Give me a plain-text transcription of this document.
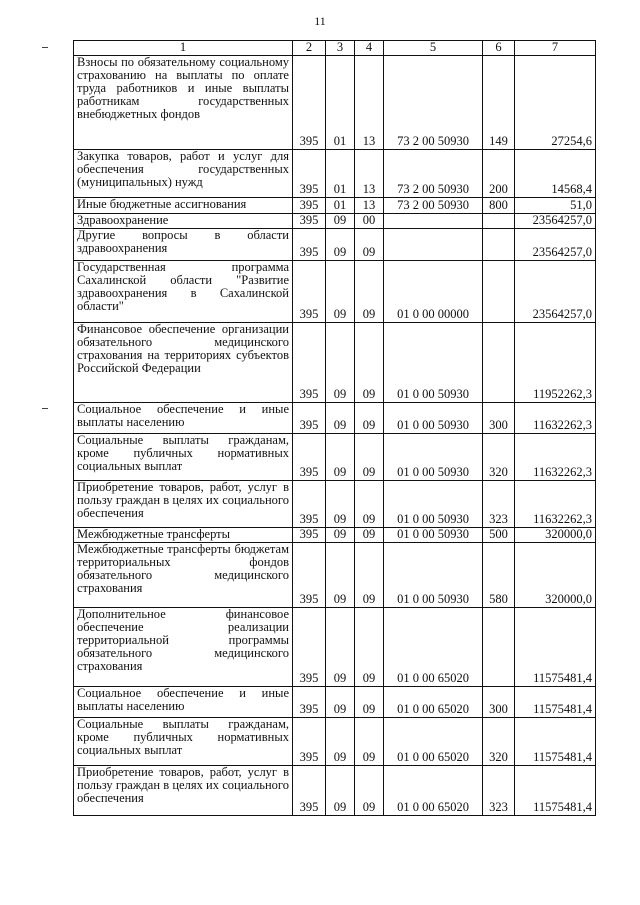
11
1	2	3	4	5	6	7
Взносы по обязательному социальному страхованию на выплаты по оплате труда работников и иные выплаты работникам государственных внебюджетных фондов	395	01	13	73 2 00 50930	149	27254,6
Закупка товаров, работ и услуг для обеспечения государственных (муниципальных) нужд	395	01	13	73 2 00 50930	200	14568,4
Иные бюджетные ассигнования	395	01	13	73 2 00 50930	800	51,0
Здравоохранение	395	09	00			23564257,0
Другие вопросы в области здравоохранения	395	09	09			23564257,0
Государственная программа Сахалинской области "Развитие здравоохранения в Сахалинской области"	395	09	09	01 0 00 00000		23564257,0
Финансовое обеспечение организации обязательного медицинского страхования на территориях субъектов Российской Федерации	395	09	09	01 0 00 50930		11952262,3
Социальное обеспечение и иные выплаты населению	395	09	09	01 0 00 50930	300	11632262,3
Социальные выплаты гражданам, кроме публичных нормативных социальных выплат	395	09	09	01 0 00 50930	320	11632262,3
Приобретение товаров, работ, услуг в пользу граждан в целях их социального обеспечения	395	09	09	01 0 00 50930	323	11632262,3
Межбюджетные трансферты	395	09	09	01 0 00 50930	500	320000,0
Межбюджетные трансферты бюджетам территориальных фондов обязательного медицинского страхования	395	09	09	01 0 00 50930	580	320000,0
Дополнительное финансовое обеспечение реализации территориальной программы обязательного медицинского страхования	395	09	09	01 0 00 65020		11575481,4
Социальное обеспечение и иные выплаты населению	395	09	09	01 0 00 65020	300	11575481,4
Социальные выплаты гражданам, кроме публичных нормативных социальных выплат	395	09	09	01 0 00 65020	320	11575481,4
Приобретение товаров, работ, услуг в пользу граждан в целях их социального обеспечения	395	09	09	01 0 00 65020	323	11575481,4
